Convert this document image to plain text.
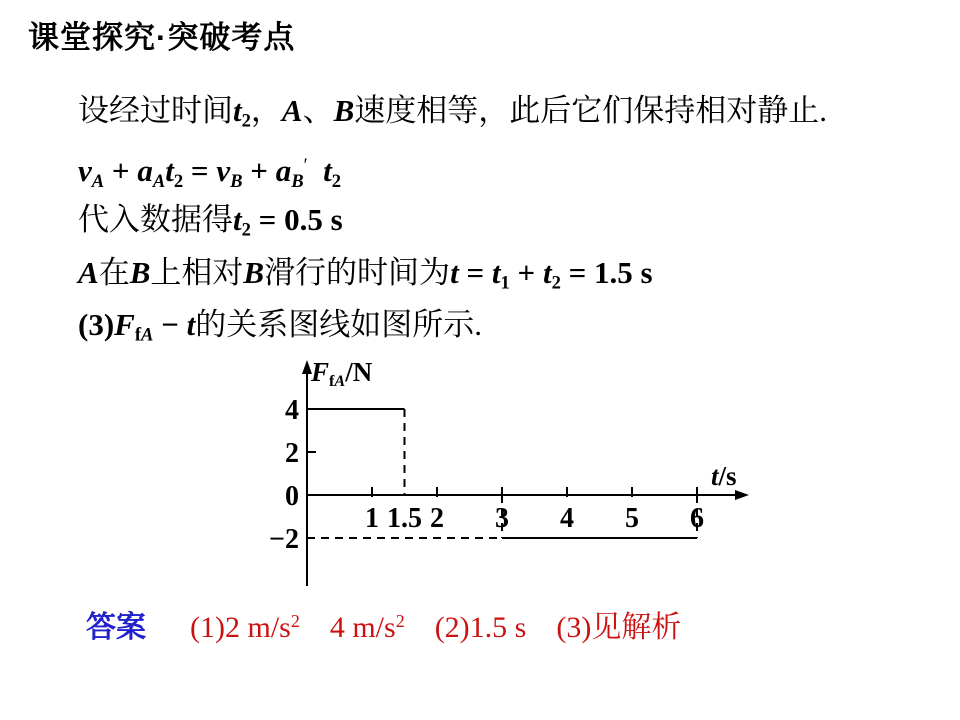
课堂探究·突破考点
设经过时间t2，A、B速度相等，此后它们保持相对静止.
vA + aAt2 = vB + aB′ t2
代入数据得t2 = 0.5 s
A在B上相对B滑行的时间为t = t1 + t2 = 1.5 s
(3)FfA − t的关系图线如图所示.
1 1.5 2 3 4 5 6
4
2
0
−2
FfA/N
t/s
答案 (1)2 $m/s^2$  4 $m/s^2$  (2)1.5 s  (3)见解析
